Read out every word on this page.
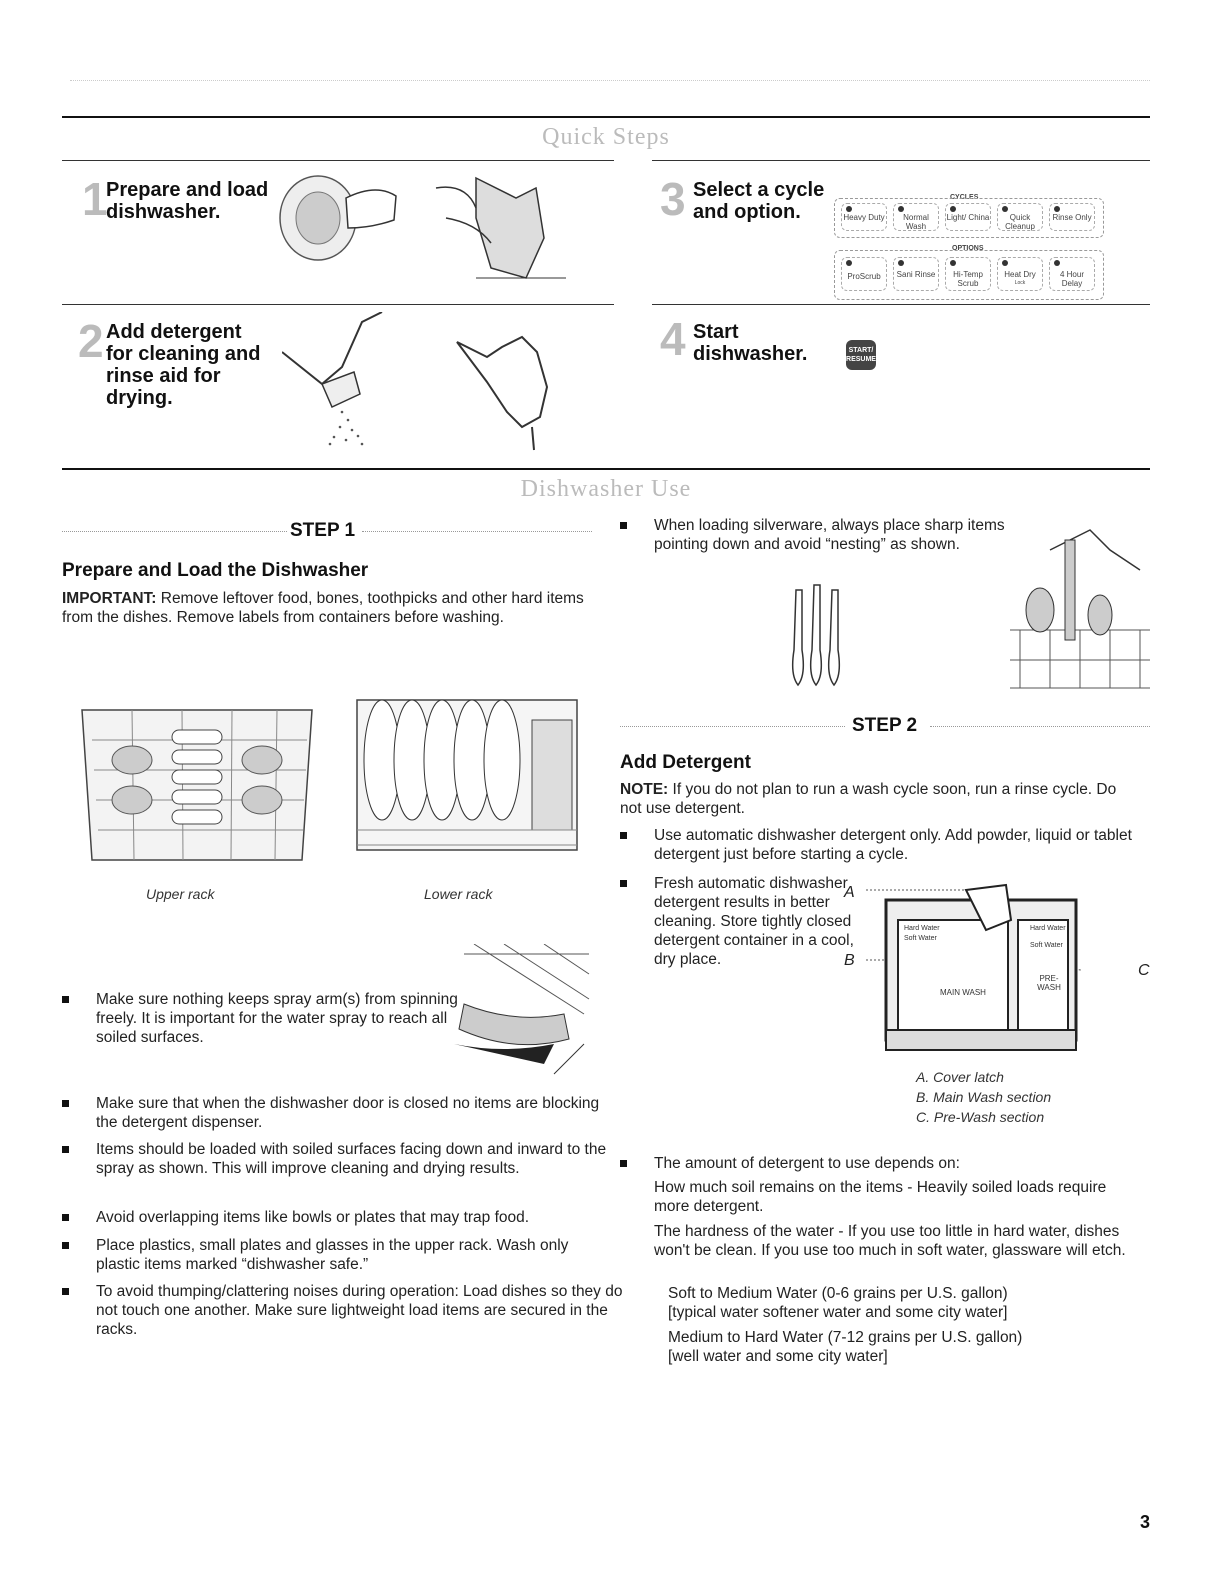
Quick Steps
1
Prepare and load
dishwasher.	3 Select a cycle
and option.
CYCLES
Heavy Duty	Normal Wash
Light/ China	Quick Cleanup
Rinse Only
OPTIONS
ProScrub	Sani Rinse	Hi-Temp Scrub
Heat Dry
Lock
4 Hour Delay
2 Add detergent
for cleaning and
rinse aid for
drying.
4 Start
dishwasher.	START/ RESUME
Dishwasher Use
STEP 1
Prepare and Load the Dishwasher
IMPORTANT: Remove leftover food, bones, toothpicks and other hard items from the dishes. Remove labels from containers before washing.
Upper rack	Lower rack
Make sure nothing keeps spray arm(s) from spinning freely. It is important for the water spray to reach all soiled surfaces.
Make sure that when the dishwasher door is closed no items are blocking the detergent dispenser.
Items should be loaded with soiled surfaces facing down and inward to the spray as shown. This will improve cleaning and drying results.
Avoid overlapping items like bowls or plates that may trap food.
Place plastics, small plates and glasses in the upper rack. Wash only plastic items marked “dishwasher safe.”
To avoid thumping/clattering noises during operation: Load dishes so they do not touch one another. Make sure lightweight load items are secured in the racks.
When loading silverware, always place sharp items pointing down and avoid “nesting” as shown.
STEP 2
Add Detergent
NOTE: If you do not plan to run a wash cycle soon, run a rinse cycle. Do not use detergent.
Use automatic dishwasher detergent only. Add powder, liquid or tablet detergent just before starting a cycle.
Fresh automatic dishwasher detergent results in better cleaning. Store tightly closed detergent container in a cool, dry place.
A
B
C
Hard Water
Soft Water
Hard Water
Soft Water
MAIN WASH
PRE- WASH
A. Cover latch
B. Main Wash section
C. Pre-Wash section
The amount of detergent to use depends on:
How much soil remains on the items - Heavily soiled loads require more detergent.
The hardness of the water - If you use too little in hard water, dishes won't be clean. If you use too much in soft water, glassware will etch.
Soft to Medium Water (0-6 grains per U.S. gallon)
[typical water softener water and some city water]
Medium to Hard Water (7-12 grains per U.S. gallon)
[well water and some city water]
3
